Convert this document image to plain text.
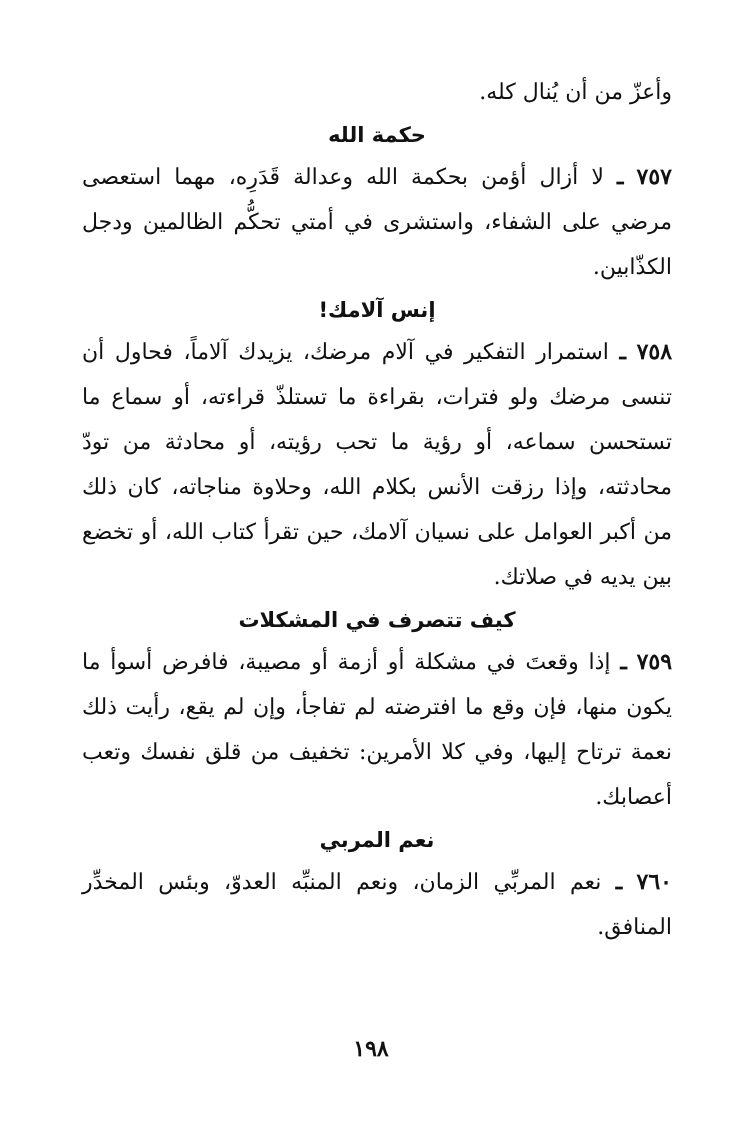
وأعزّ من أن يُنال كله.

حكمة الله

٧٥٧ ـ لا أزال أؤمن بحكمة الله وعدالة قَدَرِه، مهما استعصى مرضي على الشفاء، واستشرى في أمتي تحكُّم الظالمين ودجل الكذّابين.

إنس آلامك!

٧٥٨ ـ استمرار التفكير في آلام مرضك، يزيدك آلاماً، فحاول أن تنسى مرضك ولو فترات، بقراءة ما تستلذّ قراءته، أو سماع ما تستحسن سماعه، أو رؤية ما تحب رؤيته، أو محادثة من تودّ محادثته، وإذا رزقت الأنس بكلام الله، وحلاوة مناجاته، كان ذلك من أكبر العوامل على نسيان آلامك، حين تقرأ كتاب الله، أو تخضع بين يديه في صلاتك.

كيف تتصرف في المشكلات

٧٥٩ ـ إذا وقعتَ في مشكلة أو أزمة أو مصيبة، فافرض أسوأ ما يكون منها، فإن وقع ما افترضته لم تفاجأ، وإن لم يقع، رأيت ذلك نعمة ترتاح إليها، وفي كلا الأمرين: تخفيف من قلق نفسك وتعب أعصابك.

نعم المربي

٧٦٠ ـ نعم المربِّي الزمان، ونعم المنبِّه العدوّ، وبئس المخدِّر المنافق.

١٩٨
